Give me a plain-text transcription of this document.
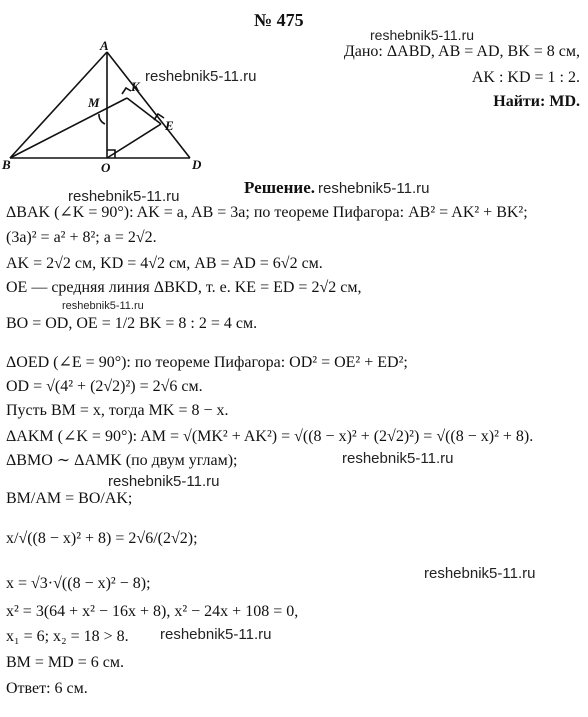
№ 475
reshebnik5-11.ru
Дано: ΔABD, AB = AD, BK = 8 см,
AK : KD = 1 : 2.
Найти: MD.
A
K
M
E
B	O	D
reshebnik5-11.ru
Решение. reshebnik5-11.ru
reshebnik5-11.ru
ΔBAK (∠K = 90°): AK = a, AB = 3a; по теореме Пифагора: AB² = AK² + BK²;
(3a)² = a² + 8²; a = 2√2.
AK = 2√2 см, KD = 4√2 см, AB = AD = 6√2 см.
OE — средняя линия ΔBKD, т. е. KE = ED = 2√2 см,
reshebnik5-11.ru
BO = OD, OE = 1/2 BK = 8 : 2 = 4 см.
ΔOED (∠E = 90°): по теореме Пифагора: OD² = OE² + ED²;
OD = √(4² + (2√2)²) = 2√6 см.
Пусть BM = x, тогда MK = 8 − x.
ΔAKM (∠K = 90°): AM = √(MK² + AK²) = √((8 − x)² + (2√2)²) = √((8 − x)² + 8).
ΔBMO ∼ ΔAMK (по двум углам);	reshebnik5-11.ru
reshebnik5-11.ru
BM/AM = BO/AK;
x/√((8 − x)² + 8) = 2√6/(2√2);
x = √3·√((8 − x)² − 8);
reshebnik5-11.ru
x² = 3(64 + x² − 16x + 8), x² − 24x + 108 = 0,
reshebnik5-11.ru
x₁ = 6; x₂ = 18 > 8.
BM = MD = 6 см.
Ответ: 6 см.
